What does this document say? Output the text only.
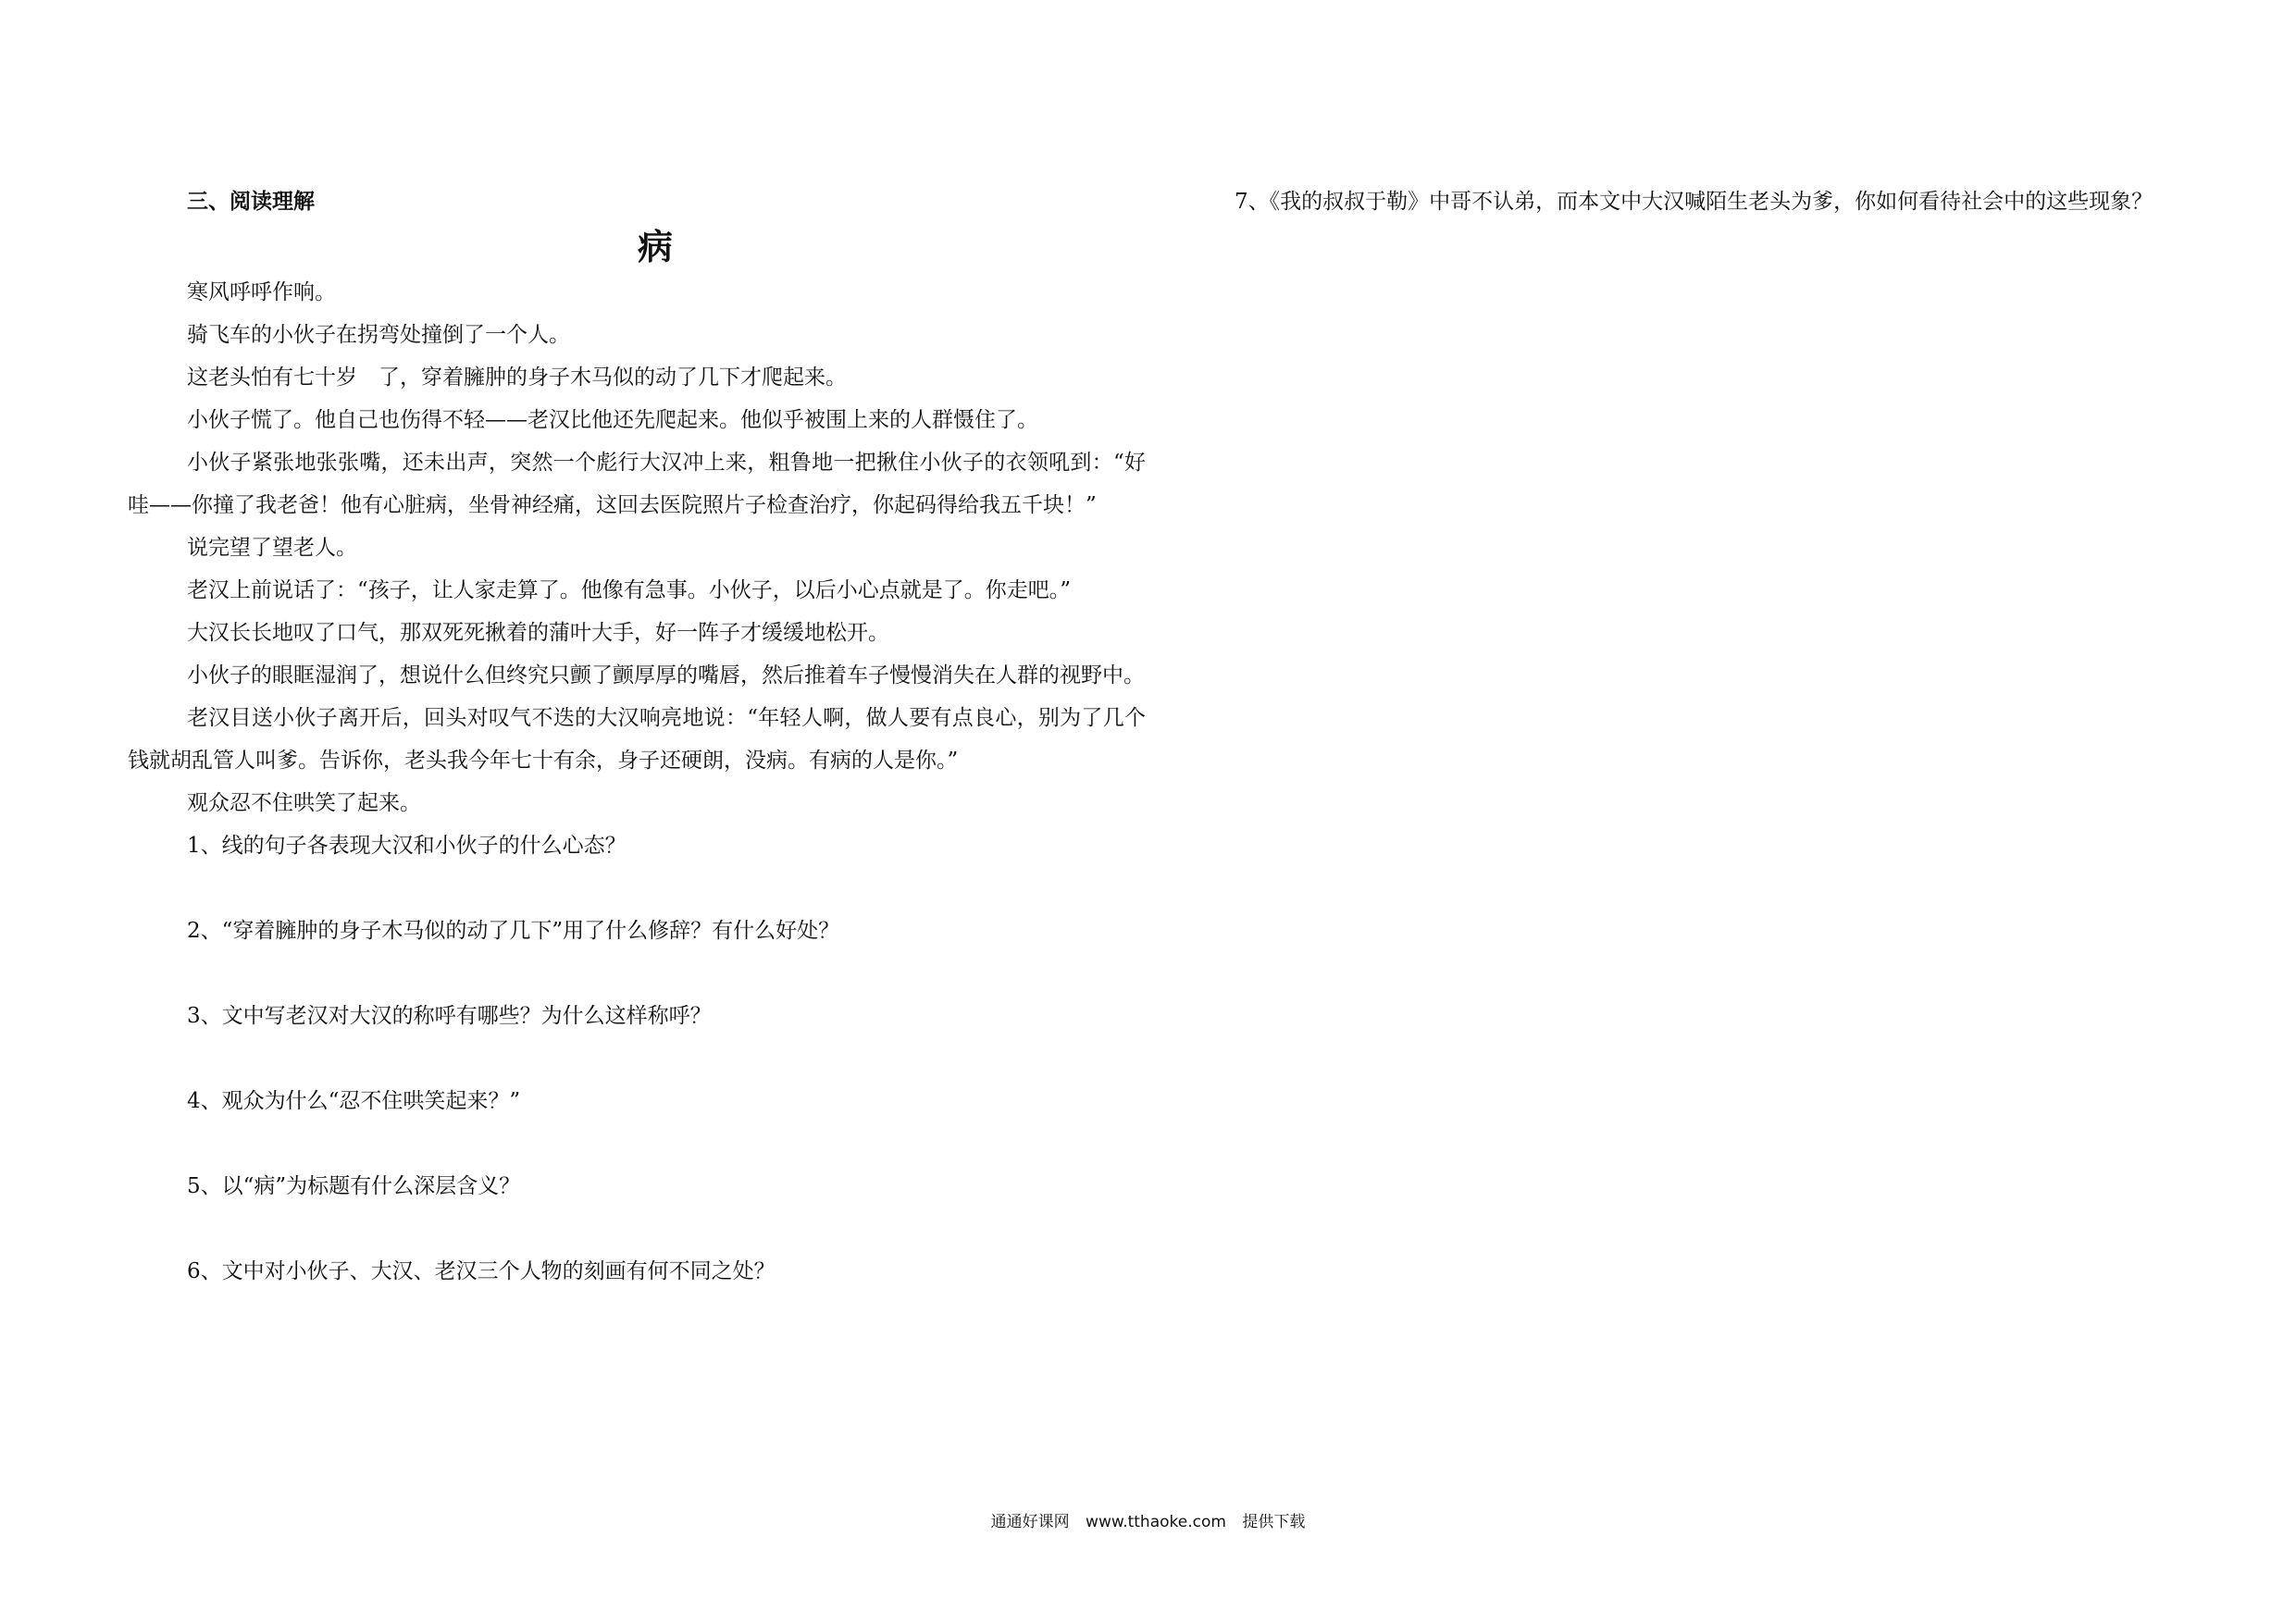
三、阅读理解
病

寒风呼呼作响。

骑飞车的小伙子在拐弯处撞倒了一个人。

这老头怕有七十岁　了，穿着臃肿的身子木马似的动了几下才爬起来。

小伙子慌了。他自己也伤得不轻——老汉比他还先爬起来。他似乎被围上来的人群慑住了。

小伙子紧张地张张嘴，还未出声，突然一个彪行大汉冲上来，粗鲁地一把揪住小伙子的衣领吼到：“好哇——你撞了我老爸！他有心脏病，坐骨神经痛，这回去医院照片子检查治疗，你起码得给我五千块！”

说完望了望老人。

老汉上前说话了：“孩子，让人家走算了。他像有急事。小伙子，以后小心点就是了。你走吧。”

大汉长长地叹了口气，那双死死揪着的蒲叶大手，好一阵子才缓缓地松开。

小伙子的眼眶湿润了，想说什么但终究只颤了颤厚厚的嘴唇，然后推着车子慢慢消失在人群的视野中。

老汉目送小伙子离开后，回头对叹气不迭的大汉响亮地说：“年轻人啊，做人要有点良心，别为了几个钱就胡乱管人叫爹。告诉你，老头我今年七十有余，身子还硬朗，没病。有病的人是你。”

观众忍不住哄笑了起来。

1、线的句子各表现大汉和小伙子的什么心态？
2、“穿着臃肿的身子木马似的动了几下”用了什么修辞？有什么好处？
3、文中写老汉对大汉的称呼有哪些？为什么这样称呼？
4、观众为什么“忍不住哄笑起来？”
5、以“病”为标题有什么深层含义？
6、文中对小伙子、大汉、老汉三个人物的刻画有何不同之处？
7、《我的叔叔于勒》中哥不认弟，而本文中大汉喊陌生老头为爹，你如何看待社会中的这些现象？
通通好课网 www.tthaoke.com 提供下载
